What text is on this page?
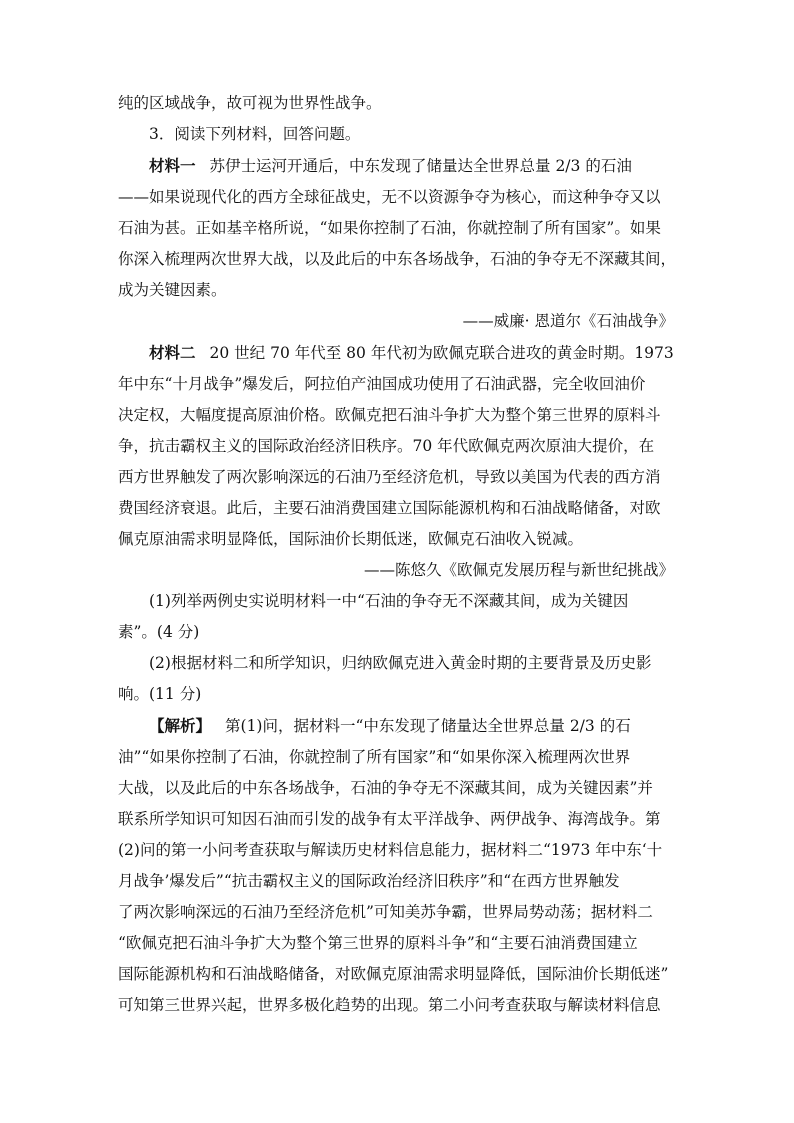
纯的区域战争，故可视为世界性战争。
3．阅读下列材料，回答问题。
材料一 苏伊士运河开通后，中东发现了储量达全世界总量 2/3 的石油
——如果说现代化的西方全球征战史，无不以资源争夺为核心，而这种争夺又以
石油为甚。正如基辛格所说，“如果你控制了石油，你就控制了所有国家”。如果
你深入梳理两次世界大战，以及此后的中东各场战争，石油的争夺无不深藏其间，
成为关键因素。
——威廉· 恩道尔《石油战争》
材料二 20 世纪 70 年代至 80 年代初为欧佩克联合进攻的黄金时期。1973
年中东“十月战争”爆发后，阿拉伯产油国成功使用了石油武器，完全收回油价
决定权，大幅度提高原油价格。欧佩克把石油斗争扩大为整个第三世界的原料斗
争，抗击霸权主义的国际政治经济旧秩序。70 年代欧佩克两次原油大提价，在
西方世界触发了两次影响深远的石油乃至经济危机，导致以美国为代表的西方消
费国经济衰退。此后，主要石油消费国建立国际能源机构和石油战略储备，对欧
佩克原油需求明显降低，国际油价长期低迷，欧佩克石油收入锐减。
——陈悠久《欧佩克发展历程与新世纪挑战》
(1)列举两例史实说明材料一中“石油的争夺无不深藏其间，成为关键因
素”。(4 分)
(2)根据材料二和所学知识，归纳欧佩克进入黄金时期的主要背景及历史影
响。(11 分)
【解析】 第(1)问，据材料一“中东发现了储量达全世界总量 2/3 的石
油”“如果你控制了石油，你就控制了所有国家”和“如果你深入梳理两次世界
大战，以及此后的中东各场战争，石油的争夺无不深藏其间，成为关键因素”并
联系所学知识可知因石油而引发的战争有太平洋战争、两伊战争、海湾战争。第
(2)问的第一小问考查获取与解读历史材料信息能力，据材料二“1973 年中东‘十
月战争’爆发后”“抗击霸权主义的国际政治经济旧秩序”和“在西方世界触发
了两次影响深远的石油乃至经济危机”可知美苏争霸，世界局势动荡；据材料二
“欧佩克把石油斗争扩大为整个第三世界的原料斗争”和“主要石油消费国建立
国际能源机构和石油战略储备，对欧佩克原油需求明显降低，国际油价长期低迷”
可知第三世界兴起，世界多极化趋势的出现。第二小问考查获取与解读材料信息
